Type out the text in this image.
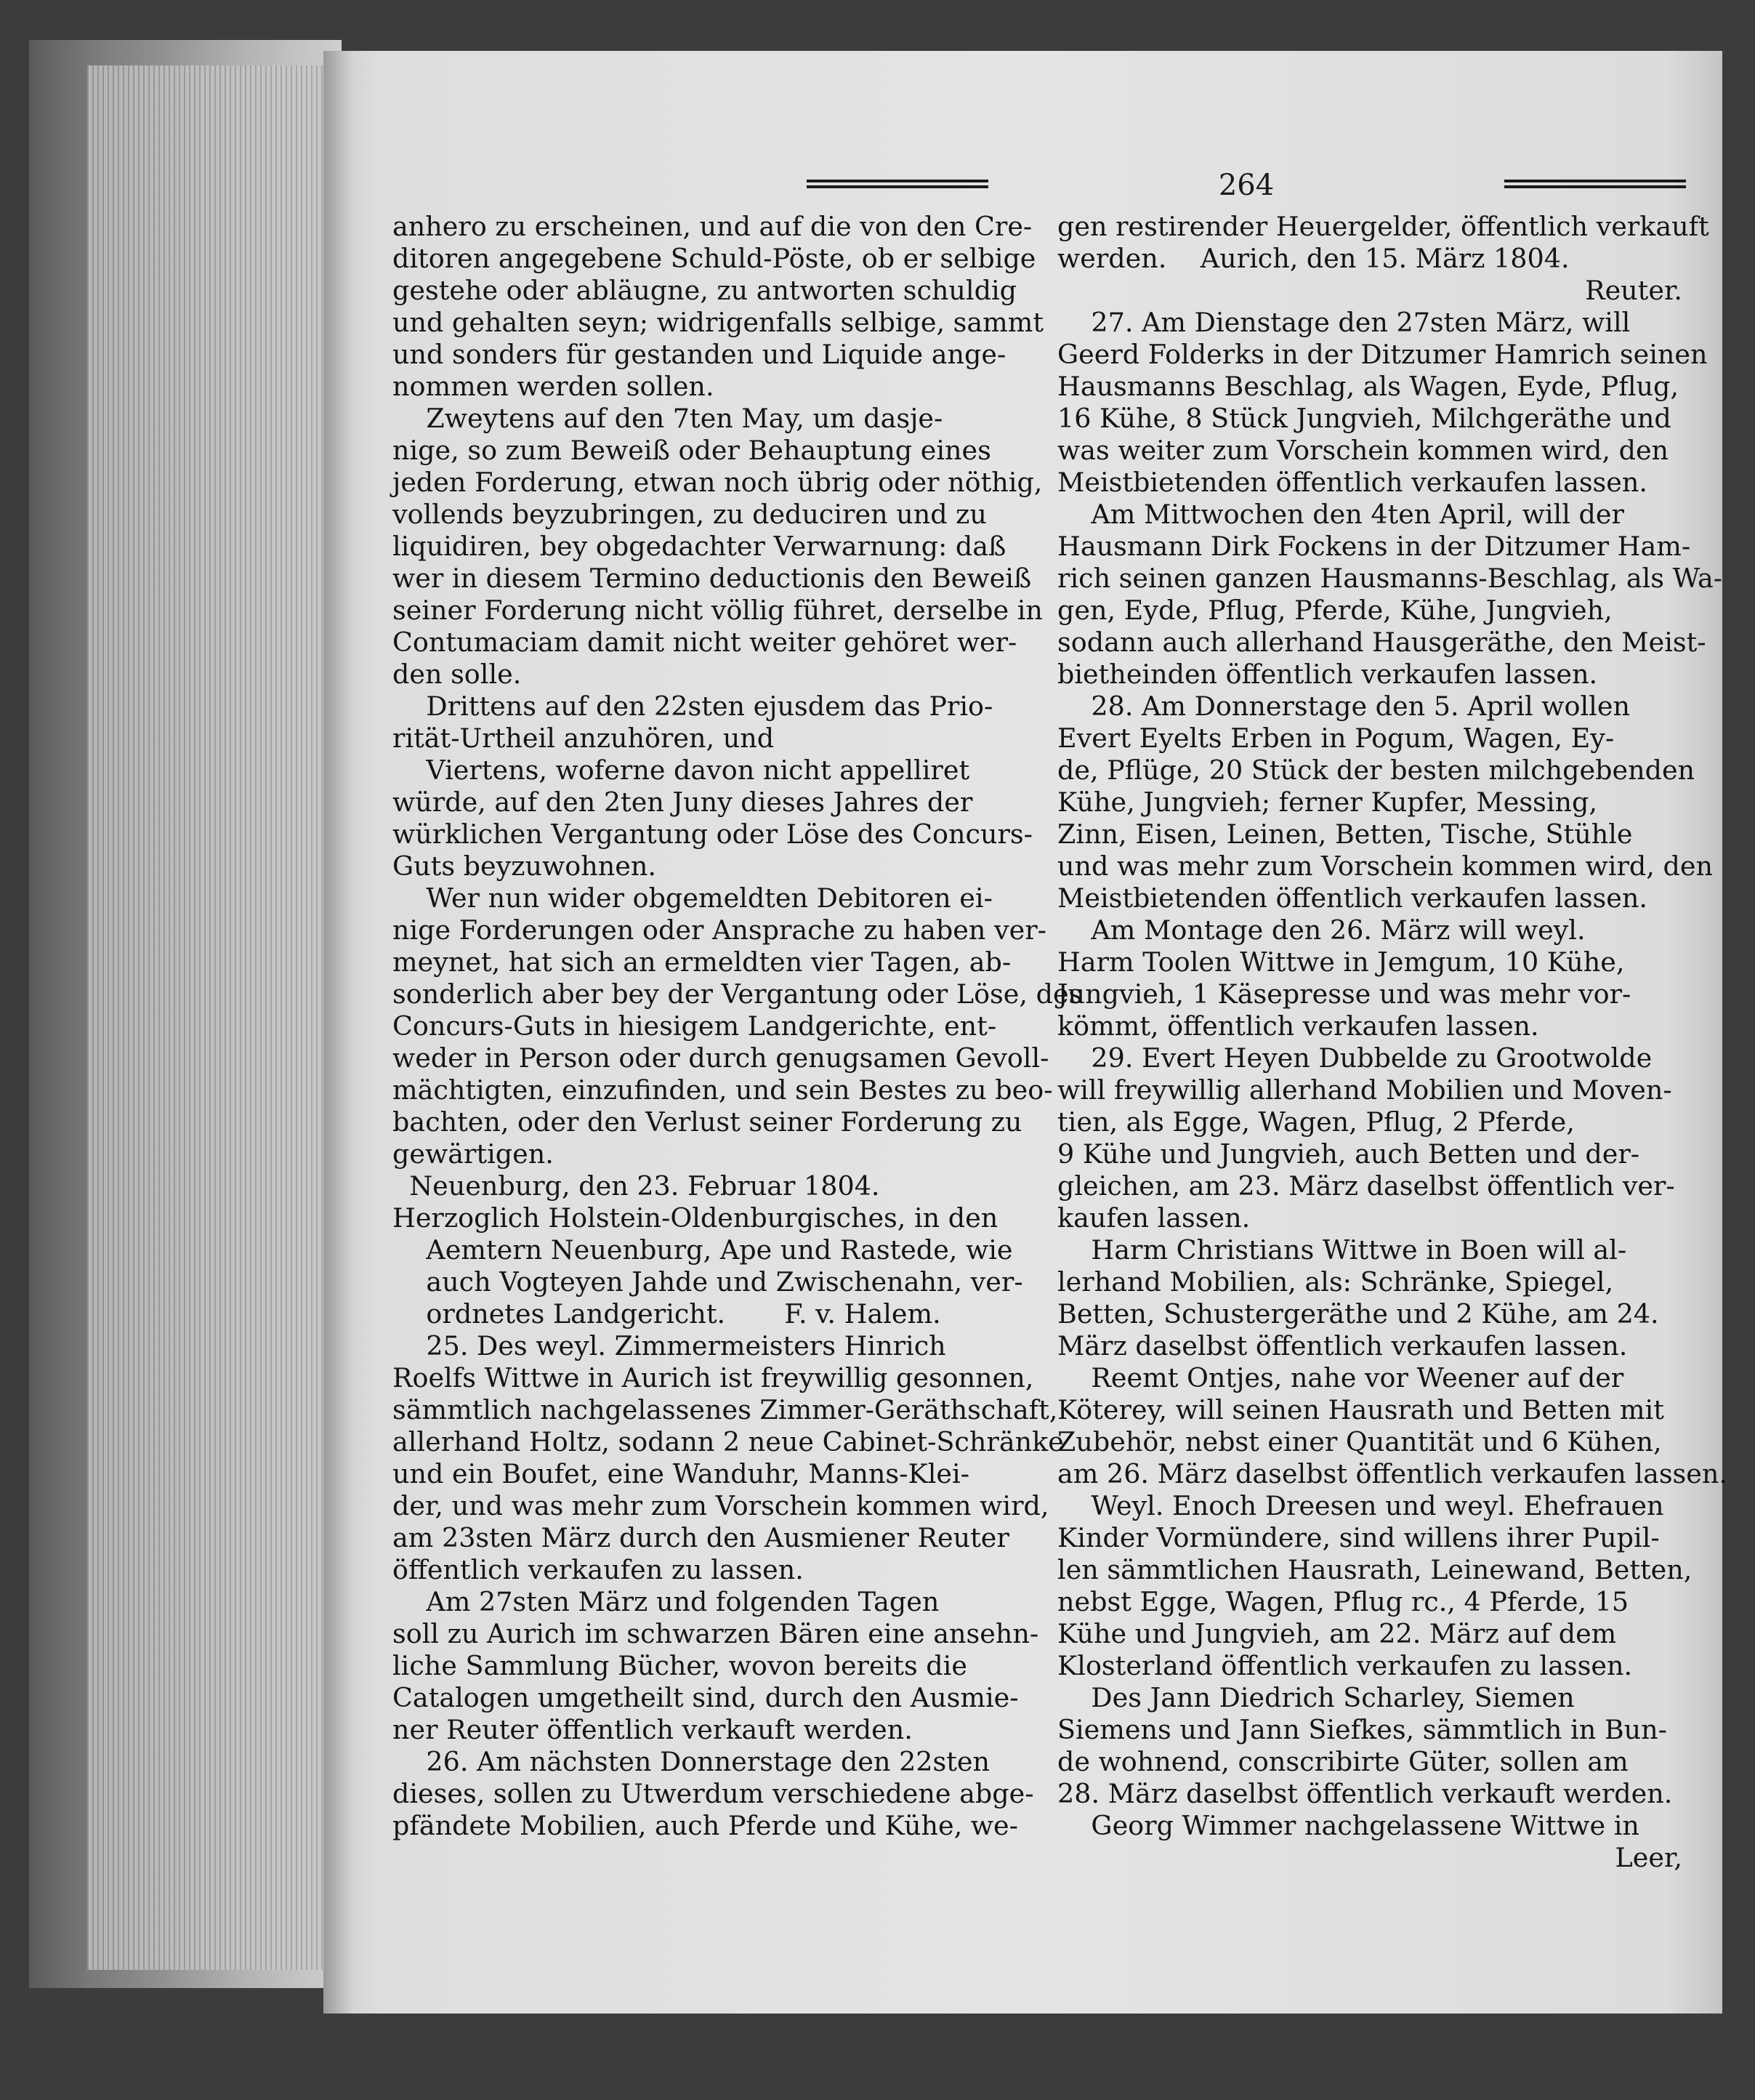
264
anhero zu erscheinen, und auf die von den Cre-
ditoren angegebene Schuld-Pöste, ob er selbige
gestehe oder abläugne, zu antworten schuldig
und gehalten seyn; widrigenfalls selbige, sammt
und sonders für gestanden und Liquide ange-
nommen werden sollen.
Zweytens auf den 7ten May, um dasje-
nige, so zum Beweiß oder Behauptung eines
jeden Forderung, etwan noch übrig oder nöthig,
vollends beyzubringen, zu deduciren und zu
liquidiren, bey obgedachter Verwarnung: daß
wer in diesem Termino deductionis den Beweiß
seiner Forderung nicht völlig führet, derselbe in
Contumaciam damit nicht weiter gehöret wer-
den solle.
Drittens auf den 22sten ejusdem das Prio-
rität-Urtheil anzuhören, und
Viertens, woferne davon nicht appelliret
würde, auf den 2ten Juny dieses Jahres der
würklichen Vergantung oder Löse des Concurs-
Guts beyzuwohnen.
Wer nun wider obgemeldten Debitoren ei-
nige Forderungen oder Ansprache zu haben ver-
meynet, hat sich an ermeldten vier Tagen, ab-
sonderlich aber bey der Vergantung oder Löse, des
Concurs-Guts in hiesigem Landgerichte, ent-
weder in Person oder durch genugsamen Gevoll-
mächtigten, einzufinden, und sein Bestes zu beo-
bachten, oder den Verlust seiner Forderung zu
gewärtigen.
Neuenburg, den 23. Februar 1804.
Herzoglich Holstein-Oldenburgisches, in den
Aemtern Neuenburg, Ape und Rastede, wie
auch Vogteyen Jahde und Zwischenahn, ver-
ordnetes Landgericht.       F. v. Halem.
25. Des weyl. Zimmermeisters Hinrich
Roelfs Wittwe in Aurich ist freywillig gesonnen,
sämmtlich nachgelassenes Zimmer-Geräthschaft,
allerhand Holtz, sodann 2 neue Cabinet-Schränke
und ein Boufet, eine Wanduhr, Manns-Klei-
der, und was mehr zum Vorschein kommen wird,
am 23sten März durch den Ausmiener Reuter
öffentlich verkaufen zu lassen.
Am 27sten März und folgenden Tagen
soll zu Aurich im schwarzen Bären eine ansehn-
liche Sammlung Bücher, wovon bereits die
Catalogen umgetheilt sind, durch den Ausmie-
ner Reuter öffentlich verkauft werden.
26. Am nächsten Donnerstage den 22sten
dieses, sollen zu Utwerdum verschiedene abge-
pfändete Mobilien, auch Pferde und Kühe, we-
gen restirender Heuergelder, öffentlich verkauft
werden.    Aurich, den 15. März 1804.
Reuter.
27. Am Dienstage den 27sten März, will
Geerd Folderks in der Ditzumer Hamrich seinen
Hausmanns Beschlag, als Wagen, Eyde, Pflug,
16 Kühe, 8 Stück Jungvieh, Milchgeräthe und
was weiter zum Vorschein kommen wird, den
Meistbietenden öffentlich verkaufen lassen.
Am Mittwochen den 4ten April, will der
Hausmann Dirk Fockens in der Ditzumer Ham-
rich seinen ganzen Hausmanns-Beschlag, als Wa-
gen, Eyde, Pflug, Pferde, Kühe, Jungvieh,
sodann auch allerhand Hausgeräthe, den Meist-
bietheinden öffentlich verkaufen lassen.
28. Am Donnerstage den 5. April wollen
Evert Eyelts Erben in Pogum, Wagen, Ey-
de, Pflüge, 20 Stück der besten milchgebenden
Kühe, Jungvieh; ferner Kupfer, Messing,
Zinn, Eisen, Leinen, Betten, Tische, Stühle
und was mehr zum Vorschein kommen wird, den
Meistbietenden öffentlich verkaufen lassen.
Am Montage den 26. März will weyl.
Harm Toolen Wittwe in Jemgum, 10 Kühe,
Jungvieh, 1 Käsepresse und was mehr vor-
kömmt, öffentlich verkaufen lassen.
29. Evert Heyen Dubbelde zu Grootwolde
will freywillig allerhand Mobilien und Moven-
tien, als Egge, Wagen, Pflug, 2 Pferde,
9 Kühe und Jungvieh, auch Betten und der-
gleichen, am 23. März daselbst öffentlich ver-
kaufen lassen.
Harm Christians Wittwe in Boen will al-
lerhand Mobilien, als: Schränke, Spiegel,
Betten, Schustergeräthe und 2 Kühe, am 24.
März daselbst öffentlich verkaufen lassen.
Reemt Ontjes, nahe vor Weener auf der
Köterey, will seinen Hausrath und Betten mit
Zubehör, nebst einer Quantität und 6 Kühen,
am 26. März daselbst öffentlich verkaufen lassen.
Weyl. Enoch Dreesen und weyl. Ehefrauen
Kinder Vormündere, sind willens ihrer Pupil-
len sämmtlichen Hausrath, Leinewand, Betten,
nebst Egge, Wagen, Pflug rc., 4 Pferde, 15
Kühe und Jungvieh, am 22. März auf dem
Klosterland öffentlich verkaufen zu lassen.
Des Jann Diedrich Scharley, Siemen
Siemens und Jann Siefkes, sämmtlich in Bun-
de wohnend, conscribirte Güter, sollen am
28. März daselbst öffentlich verkauft werden.
Georg Wimmer nachgelassene Wittwe in
Leer,
